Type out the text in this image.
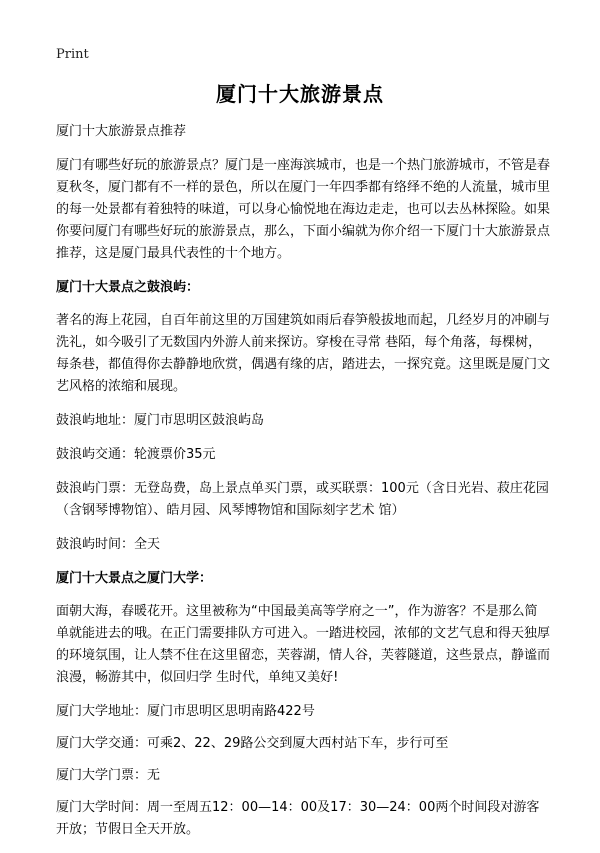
Print
厦门十大旅游景点

厦门十大旅游景点推荐

厦门有哪些好玩的旅游景点？厦门是一座海滨城市，也是一个热门旅游城市，不管是春夏秋冬，厦门都有不一样的景色，所以在厦门一年四季都有络绎不绝的人流量，城市里的每一处景都有着独特的味道，可以身心愉悦地在海边走走，也可以去丛林探险。如果你要问厦门有哪些好玩的旅游景点，那么，下面小编就为你介绍一下厦门十大旅游景点推荐，这是厦门最具代表性的十个地方。

厦门十大景点之鼓浪屿：

著名的海上花园，自百年前这里的万国建筑如雨后春笋般拔地而起，几经岁月的冲刷与洗礼，如今吸引了无数国内外游人前来探访。穿梭在寻常 巷陌，每个角落，每棵树，每条巷，都值得你去静静地欣赏，偶遇有缘的店，踏进去，一探究竟。这里既是厦门文艺风格的浓缩和展现。

鼓浪屿地址：厦门市思明区鼓浪屿岛

鼓浪屿交通：轮渡票价35元

鼓浪屿门票：无登岛费，岛上景点单买门票，或买联票：100元（含日光岩、菽庄花园（含钢琴博物馆）、皓月园、风琴博物馆和国际刻字艺术 馆）

鼓浪屿时间：全天

厦门十大景点之厦门大学：

面朝大海，春暖花开。这里被称为“中国最美高等学府之一”，作为游客？不是那么简单就能进去的哦。在正门需要排队方可进入。一踏进校园，浓郁的文艺气息和得天独厚的环境氛围，让人禁不住在这里留恋，芙蓉湖，情人谷，芙蓉隧道，这些景点，静谧而浪漫，畅游其中，似回归学 生时代，单纯又美好!

厦门大学地址：厦门市思明区思明南路422号

厦门大学交通：可乘2、22、29路公交到厦大西村站下车，步行可至

厦门大学门票：无

厦门大学时间：周一至周五12：00—14：00及17：30—24：00两个时间段对游客开放；节假日全天开放。
